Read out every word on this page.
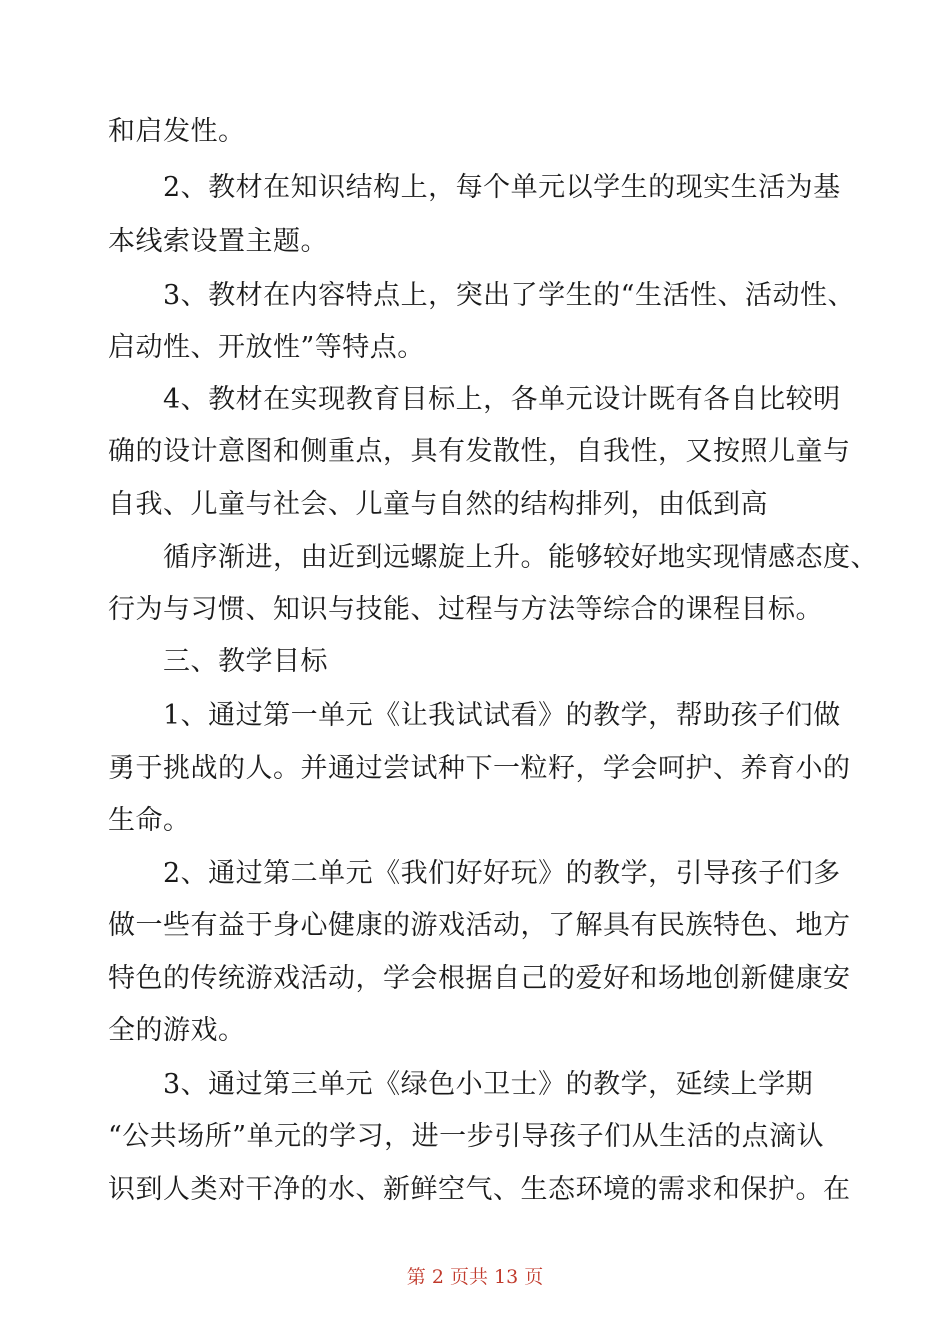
和启发性。
　　2、教材在知识结构上，每个单元以学生的现实生活为基
本线索设置主题。
　　3、教材在内容特点上，突出了学生的“生活性、活动性、
启动性、开放性”等特点。
　　4、教材在实现教育目标上，各单元设计既有各自比较明
确的设计意图和侧重点，具有发散性，自我性，又按照儿童与
自我、儿童与社会、儿童与自然的结构排列，由低到高
　　循序渐进，由近到远螺旋上升。能够较好地实现情感态度、
行为与习惯、知识与技能、过程与方法等综合的课程目标。
　　三、教学目标
　　1、通过第一单元《让我试试看》的教学，帮助孩子们做
勇于挑战的人。并通过尝试种下一粒籽，学会呵护、养育小的
生命。
　　2、通过第二单元《我们好好玩》的教学，引导孩子们多
做一些有益于身心健康的游戏活动，了解具有民族特色、地方
特色的传统游戏活动，学会根据自己的爱好和场地创新健康安
全的游戏。
　　3、通过第三单元《绿色小卫士》的教学，延续上学期
“公共场所”单元的学习，进一步引导孩子们从生活的点滴认
识到人类对干净的水、新鲜空气、生态环境的需求和保护。在
第 2 页共 13 页
